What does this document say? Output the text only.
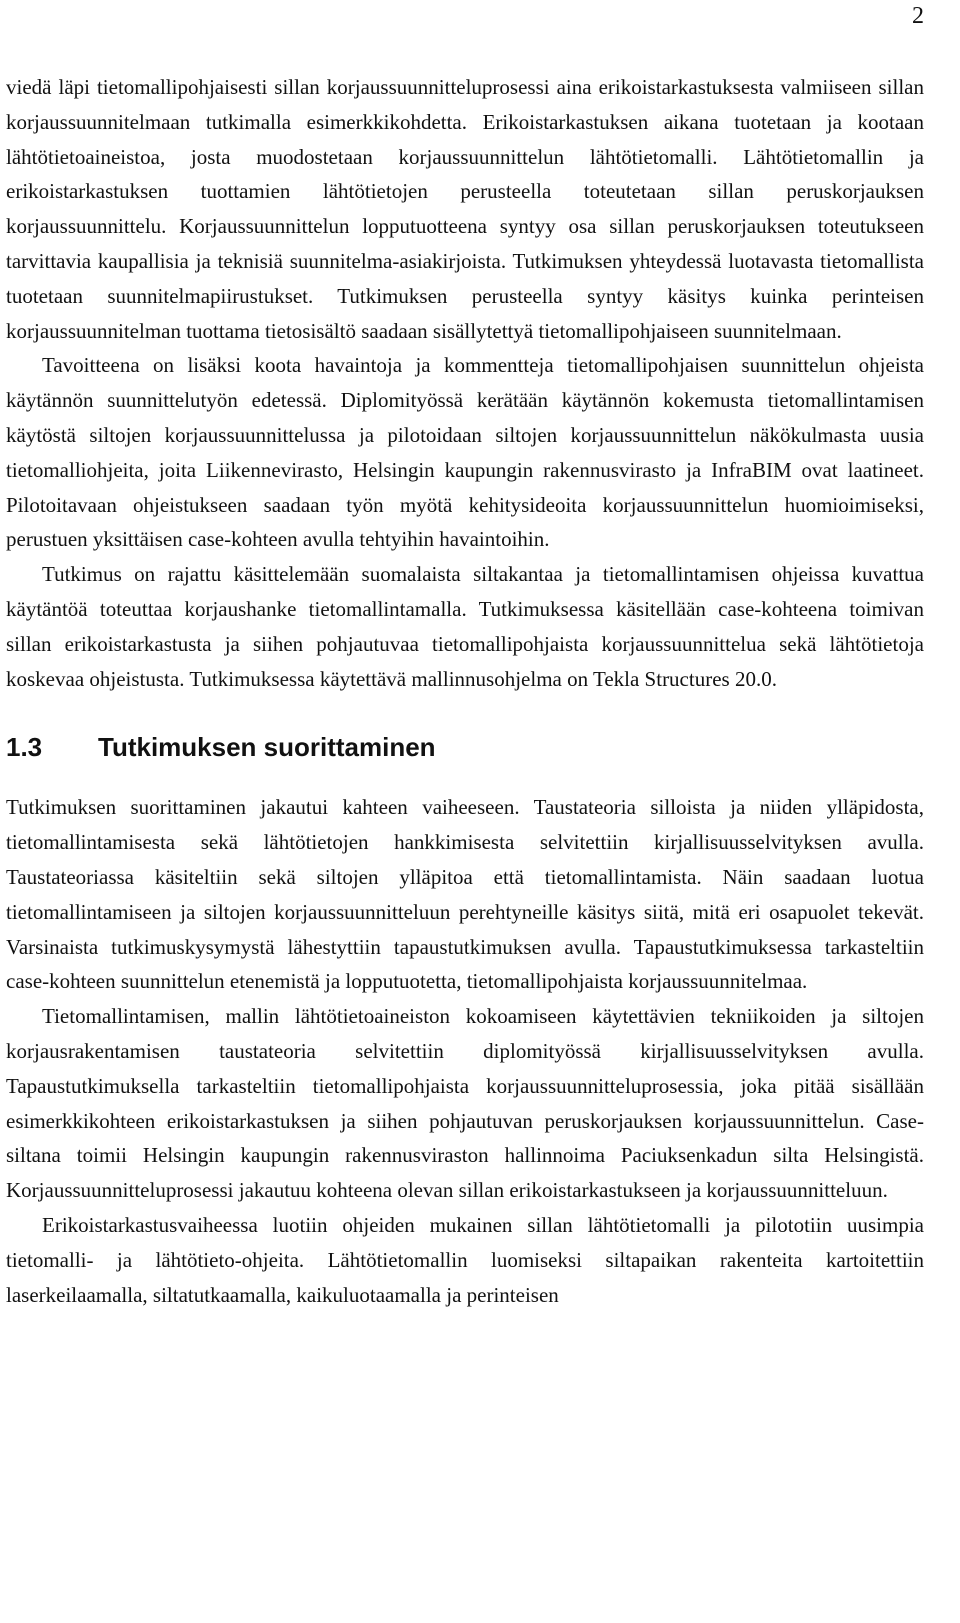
2

viedä läpi tietomallipohjaisesti sillan korjaussuunnitteluprosessi aina erikoistarkastuksesta valmiiseen sillan korjaussuunnitelmaan tutkimalla esimerkkikohdetta. Erikoistarkastuksen aikana tuotetaan ja kootaan lähtötietoaineistoa, josta muodostetaan korjaussuunnittelun lähtötietomalli. Lähtötietomallin ja erikoistarkastuksen tuottamien lähtötietojen perusteella toteutetaan sillan peruskorjauksen korjaussuunnittelu. Korjaussuunnittelun lopputuotteena syntyy osa sillan peruskorjauksen toteutukseen tarvittavia kaupallisia ja teknisiä suunnitelma-asiakirjoista. Tutkimuksen yhteydessä luotavasta tietomallista tuotetaan suunnitelmapiirustukset. Tutkimuksen perusteella syntyy käsitys kuinka perinteisen korjaussuunnitelman tuottama tietosisältö saadaan sisällytettyä tietomallipohjaiseen suunnitelmaan.

Tavoitteena on lisäksi koota havaintoja ja kommentteja tietomallipohjaisen suunnittelun ohjeista käytännön suunnittelutyön edetessä. Diplomityössä kerätään käytännön kokemusta tietomallintamisen käytöstä siltojen korjaussuunnittelussa ja pilotoidaan siltojen korjaussuunnittelun näkökulmasta uusia tietomalliohjeita, joita Liikennevirasto, Helsingin kaupungin rakennusvirasto ja InfraBIM ovat laatineet. Pilotoitavaan ohjeistukseen saadaan työn myötä kehitysideoita korjaussuunnittelun huomioimiseksi, perustuen yksittäisen case-kohteen avulla tehtyihin havaintoihin.

Tutkimus on rajattu käsittelemään suomalaista siltakantaa ja tietomallintamisen ohjeissa kuvattua käytäntöä toteuttaa korjaushanke tietomallintamalla. Tutkimuksessa käsitellään case-kohteena toimivan sillan erikoistarkastusta ja siihen pohjautuvaa tietomallipohjaista korjaussuunnittelua sekä lähtötietoja koskevaa ohjeistusta. Tutkimuksessa käytettävä mallinnusohjelma on Tekla Structures 20.0.

1.3 Tutkimuksen suorittaminen

Tutkimuksen suorittaminen jakautui kahteen vaiheeseen. Taustateoria silloista ja niiden ylläpidosta, tietomallintamisesta sekä lähtötietojen hankkimisesta selvitettiin kirjallisuusselvityksen avulla. Taustateoriassa käsiteltiin sekä siltojen ylläpitoa että tietomallintamista. Näin saadaan luotua tietomallintamiseen ja siltojen korjaussuunnitteluun perehtyneille käsitys siitä, mitä eri osapuolet tekevät. Varsinaista tutkimuskysymystä lähestyttiin tapaustutkimuksen avulla. Tapaustutkimuksessa tarkasteltiin case-kohteen suunnittelun etenemistä ja lopputuotetta, tietomallipohjaista korjaussuunnitelmaa.

Tietomallintamisen, mallin lähtötietoaineiston kokoamiseen käytettävien tekniikoiden ja siltojen korjausrakentamisen taustateoria selvitettiin diplomityössä kirjallisuusselvityksen avulla. Tapaustutkimuksella tarkasteltiin tietomallipohjaista korjaussuunnitteluprosessia, joka pitää sisällään esimerkkikohteen erikoistarkastuksen ja siihen pohjautuvan peruskorjauksen korjaussuunnittelun. Case-siltana toimii Helsingin kaupungin rakennusviraston hallinnoima Paciuksenkadun silta Helsingistä. Korjaussuunnitteluprosessi jakautuu kohteena olevan sillan erikoistarkastukseen ja korjaussuunnitteluun.

Erikoistarkastusvaiheessa luotiin ohjeiden mukainen sillan lähtötietomalli ja pilototiin uusimpia tietomalli- ja lähtötieto-ohjeita. Lähtötietomallin luomiseksi siltapaikan rakenteita kartoitettiin laserkeilaamalla, siltatutkaamalla, kaikuluotaamalla ja perinteisen
